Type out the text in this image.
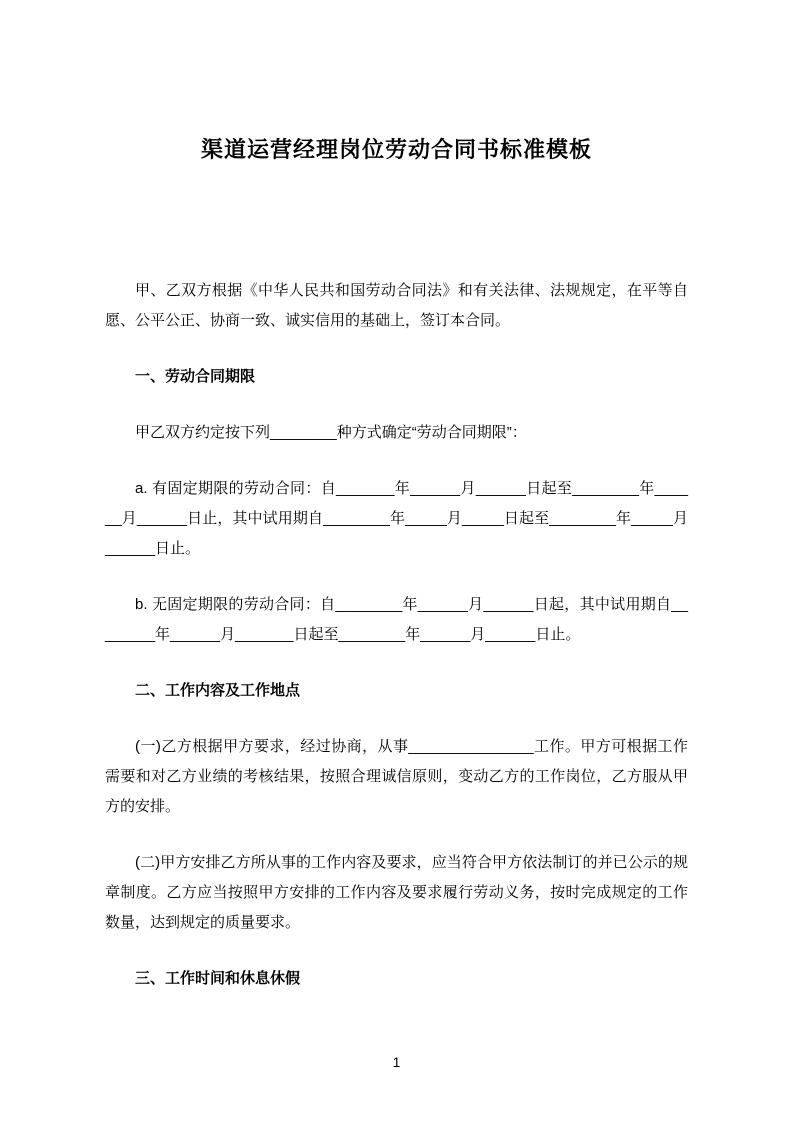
渠道运营经理岗位劳动合同书标准模板

甲、乙双方根据《中华人民共和国劳动合同法》和有关法律、法规规定，在平等自愿、公平公正、协商一致、诚实信用的基础上，签订本合同。

一、劳动合同期限

甲乙双方约定按下列________种方式确定“劳动合同期限”：

a. 有固定期限的劳动合同：自_______年______月______日起至________年______月______日止，其中试用期自________年_____月_____日起至________年_____月______日止。

b. 无固定期限的劳动合同：自________年______月______日起，其中试用期自________年______月_______日起至________年______月______日止。

二、工作内容及工作地点

(一)乙方根据甲方要求，经过协商，从事_______________工作。甲方可根据工作需要和对乙方业绩的考核结果，按照合理诚信原则，变动乙方的工作岗位，乙方服从甲方的安排。

(二)甲方安排乙方所从事的工作内容及要求，应当符合甲方依法制订的并已公示的规章制度。乙方应当按照甲方安排的工作内容及要求履行劳动义务，按时完成规定的工作数量，达到规定的质量要求。

三、工作时间和休息休假

1
